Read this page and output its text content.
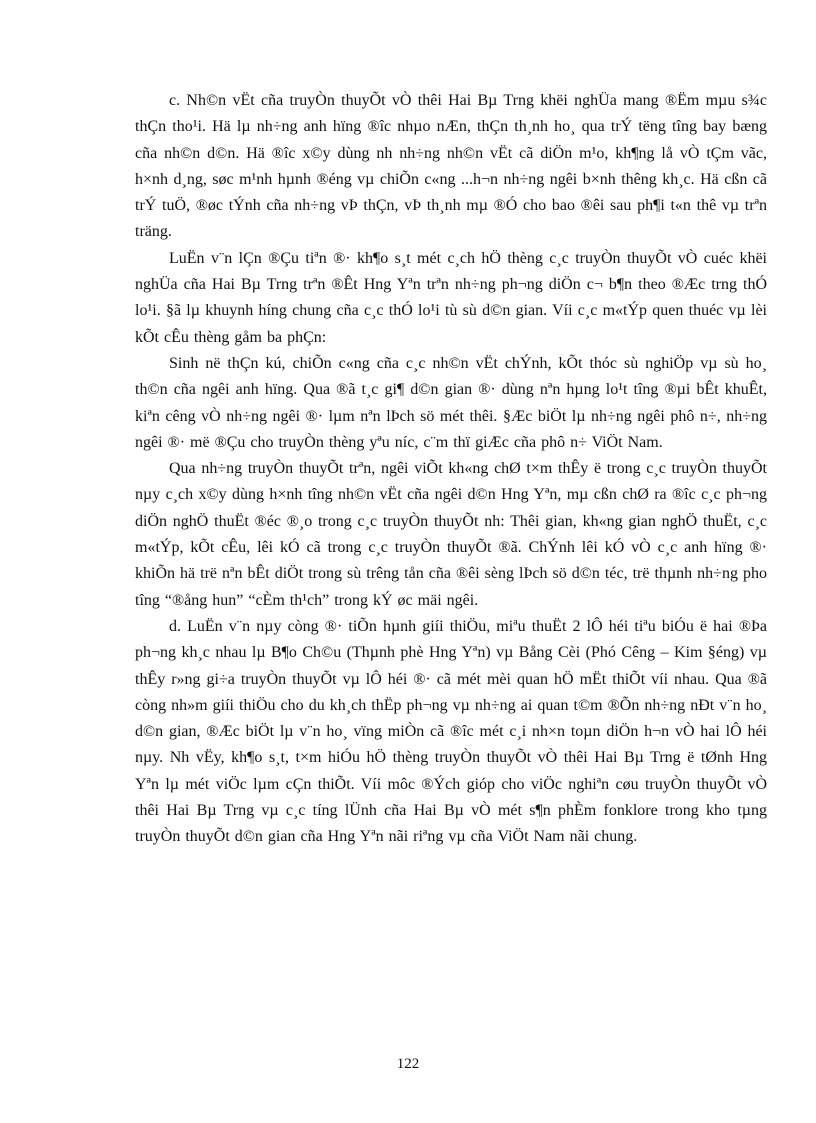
c. Nh©n vËt cña truyÒn thuyÕt vÒ thêi Hai Bµ Trng khëi nghÜa mang ®Ëm mµu s¾c thÇn tho¹i. Hä lµ nh÷ng anh hïng ®îc nhµo nÆn, thÇn th¸nh ho¸ qua trÝ tëng tîng bay bæng cña nh©n d©n. Hä ®îc x©y dùng nh nh÷ng nh©n vËt cã diÖn m¹o, kh¶ng lå vÒ tÇm vãc, h×nh d¸ng, søc m¹nh hµnh ®éng vµ chiÕn c«ng ...h¬n nh÷ng ngêi b×nh thêng kh¸c. Hä cßn cã trÝ tuÖ, ®øc tÝnh cña nh÷ng vÞ thÇn, vÞ th¸nh mµ ®Ó cho bao ®êi sau ph¶i t«n thê vµ trªn träng.

LuËn v¨n lÇn ®Çu tiªn ®· kh¶o s¸t mét c¸ch hÖ thèng c¸c truyÒn thuyÕt vÒ cuéc khëi nghÜa cña Hai Bµ Trng trªn ®Êt Hng Yªn trªn nh÷ng ph¬ng diÖn c¬ b¶n theo ®Æc trng thÓ lo¹i. §ã lµ khuynh híng chung cña c¸c thÓ lo¹i tù sù d©n gian. Víi c¸c m«tÝp quen thuéc vµ lèi kÕt cÊu thèng gåm ba phÇn:

Sinh në thÇn kú, chiÕn c«ng cña c¸c nh©n vËt chÝnh, kÕt thóc sù nghiÖp vµ sù ho¸ th©n cña ngêi anh hïng. Qua ®ã t¸c gi¶ d©n gian ®· dùng nªn hµng lo¹t tîng ®µi bÊt khuÊt, kiªn cêng vÒ nh÷ng ngêi ®· lµm nªn lÞch sö mét thêi. §Æc biÖt lµ nh÷ng ngêi phô n÷, nh÷ng ngêi ®· më ®Çu cho truyÒn thèng yªu níc, c¨m thï giÆc cña phô n÷ ViÖt Nam.

Qua nh÷ng truyÒn thuyÕt trªn, ngêi viÕt kh«ng chØ t×m thÊy ë trong c¸c truyÒn thuyÕt nµy c¸ch x©y dùng h×nh tîng nh©n vËt cña ngêi d©n Hng Yªn, mµ cßn chØ ra ®îc c¸c ph¬ng diÖn nghÖ thuËt ®éc ®¸o trong c¸c truyÒn thuyÕt nh: Thêi gian, kh«ng gian nghÖ thuËt, c¸c m«tÝp, kÕt cÊu, lêi kÓ cã trong c¸c truyÒn thuyÕt ®ã. ChÝnh lêi kÓ vÒ c¸c anh hïng ®· khiÕn hä trë nªn bÊt diÖt trong sù trêng tån cña ®êi sèng lÞch sö d©n téc, trë thµnh nh÷ng pho tîng “®ång hun” “cÈm th¹ch” trong kÝ øc mäi ngêi.

d. LuËn v¨n nµy còng ®· tiÕn hµnh giíi thiÖu, miªu thuËt 2 lÔ héi tiªu biÓu ë hai ®Þa ph¬ng kh¸c nhau lµ B¶o Ch©u (Thµnh phè Hng Yªn) vµ Bång Cèi (Phó Cêng – Kim §éng) vµ thÊy r»ng gi÷a truyÒn thuyÕt vµ lÔ héi ®· cã mét mèi quan hÖ mËt thiÕt víi nhau. Qua ®ã còng nh»m giíi thiÖu cho du kh¸ch thËp ph¬ng vµ nh÷ng ai quan t©m ®Õn nh÷ng nÐt v¨n ho¸ d©n gian, ®Æc biÖt lµ v¨n ho¸ vïng miÒn cã ®îc mét c¸i nh×n toµn diÖn h¬n vÒ hai lÔ héi nµy. Nh vËy, kh¶o s¸t, t×m hiÓu hÖ thèng truyÒn thuyÕt vÒ thêi Hai Bµ Trng ë tØnh Hng Yªn lµ mét viÖc lµm cÇn thiÕt. Víi môc ®Ých gióp cho viÖc nghiªn cøu truyÒn thuyÕt vÒ thêi Hai Bµ Trng vµ c¸c tíng lÜnh cña Hai Bµ vÒ mét s¶n phÈm fonklore trong kho tµng truyÒn thuyÕt d©n gian cña Hng Yªn nãi riªng vµ cña ViÖt Nam nãi chung.

122
